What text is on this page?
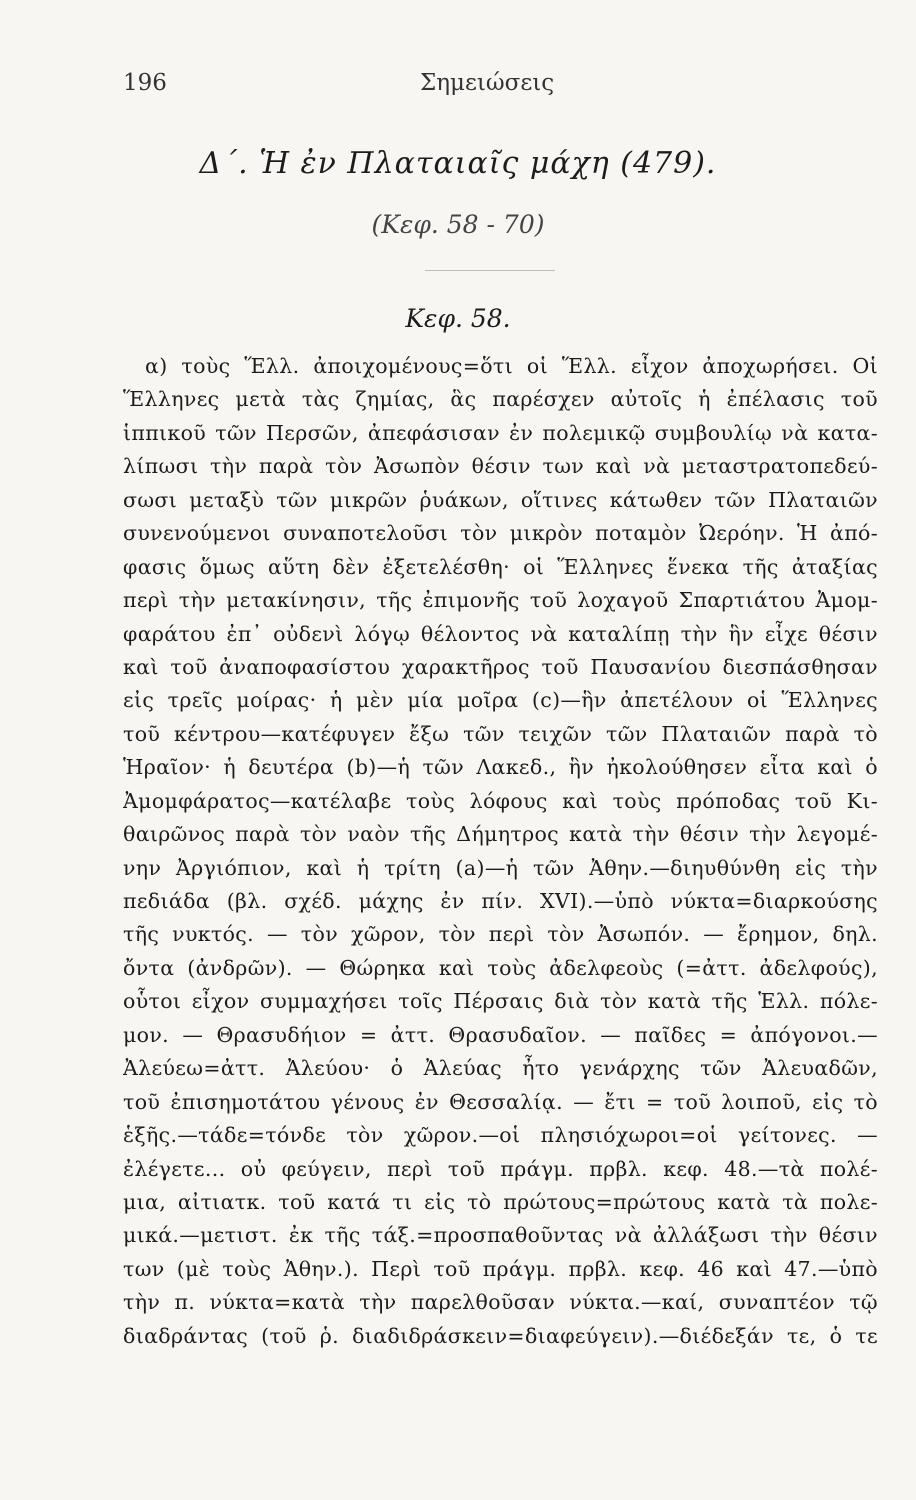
196	Σημειώσεις
Δ΄. Ἡ ἐν Πλαταιαῖς μάχη (479).
(Κεφ. 58 - 70)
Κεφ. 58.
α) τοὺς Ἕλλ. ἀποιχομένους=ὅτι οἱ Ἕλλ. εἶχον ἀποχωρήσει. Οἱ
Ἕλληνες μετὰ τὰς ζημίας, ἃς παρέσχεν αὐτοῖς ἡ ἐπέλασις τοῦ
ἱππικοῦ τῶν Περσῶν, ἀπεφάσισαν ἐν πολεμικῷ συμβουλίῳ νὰ κατα-
λίπωσι τὴν παρὰ τὸν Ἀσωπὸν θέσιν των καὶ νὰ μεταστρατοπεδεύ-
σωσι μεταξὺ τῶν μικρῶν ῥυάκων, οἵτινες κάτωθεν τῶν Πλαταιῶν
συνενούμενοι συναποτελοῦσι τὸν μικρὸν ποταμὸν Ὠερόην. Ἡ ἀπό-
φασις ὅμως αὕτη δὲν ἐξετελέσθη· οἱ Ἕλληνες ἕνεκα τῆς ἀταξίας
περὶ τὴν μετακίνησιν, τῆς ἐπιμονῆς τοῦ λοχαγοῦ Σπαρτιάτου Ἀμομ-
φαράτου ἐπ᾽ οὐδενὶ λόγῳ θέλοντος νὰ καταλίπῃ τὴν ἣν εἶχε θέσιν
καὶ τοῦ ἀναποφασίστου χαρακτῆρος τοῦ Παυσανίου διεσπάσθησαν
εἰς τρεῖς μοίρας· ἡ μὲν μία μοῖρα (c)—ἣν ἀπετέλουν οἱ Ἕλληνες
τοῦ κέντρου—κατέφυγεν ἔξω τῶν τειχῶν τῶν Πλαταιῶν παρὰ τὸ
Ἡραῖον· ἡ δευτέρα (b)—ἡ τῶν Λακεδ., ἣν ἠκολούθησεν εἶτα καὶ ὁ
Ἀμομφάρατος—κατέλαβε τοὺς λόφους καὶ τοὺς πρόποδας τοῦ Κι-
θαιρῶνος παρὰ τὸν ναὸν τῆς Δήμητρος κατὰ τὴν θέσιν τὴν λεγομέ-
νην Ἀργιόπιον, καὶ ἡ τρίτη (a)—ἡ τῶν Ἀθην.—διηυθύνθη εἰς τὴν
πεδιάδα (βλ. σχέδ. μάχης ἐν πίν. XVI).—ὑπὸ νύκτα=διαρκούσης
τῆς νυκτός. — τὸν χῶρον, τὸν περὶ τὸν Ἀσωπόν. — ἔρημον, δηλ.
ὄντα (ἀνδρῶν). — Θώρηκα καὶ τοὺς ἀδελφεοὺς (=ἀττ. ἀδελφούς),
οὗτοι εἶχον συμμαχήσει τοῖς Πέρσαις διὰ τὸν κατὰ τῆς Ἑλλ. πόλε-
μον. — Θρασυδήιον = ἀττ. Θρασυδαῖον. — παῖδες = ἀπόγονοι.—
Ἀλεύεω=ἀττ. Ἀλεύου· ὁ Ἀλεύας ἦτο γενάρχης τῶν Ἀλευαδῶν,
τοῦ ἐπισημοτάτου γένους ἐν Θεσσαλίᾳ. — ἔτι = τοῦ λοιποῦ, εἰς τὸ
ἑξῆς.—τάδε=τόνδε τὸν χῶρον.—οἱ πλησιόχωροι=οἱ γείτονες. —
ἐλέγετε... οὐ φεύγειν, περὶ τοῦ πράγμ. πρβλ. κεφ. 48.—τὰ πολέ-
μια, αἰτιατκ. τοῦ κατά τι εἰς τὸ πρώτους=πρώτους κατὰ τὰ πολε-
μικά.—μετιστ. ἐκ τῆς τάξ.=προσπαθοῦντας νὰ ἀλλάξωσι τὴν θέσιν
των (μὲ τοὺς Ἀθην.). Περὶ τοῦ πράγμ. πρβλ. κεφ. 46 καὶ 47.—ὑπὸ
τὴν π. νύκτα=κατὰ τὴν παρελθοῦσαν νύκτα.—καί, συναπτέον τῷ
διαδράντας (τοῦ ῥ. διαδιδράσκειν=διαφεύγειν).—διέδεξάν τε, ὁ τε
